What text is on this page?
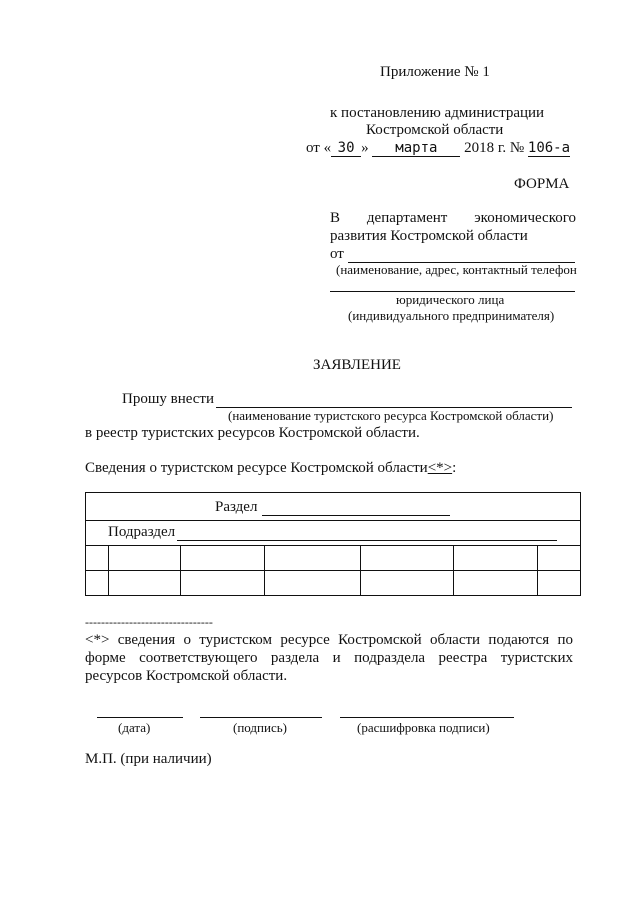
Приложение № 1
к постановлению администрации
Костромской области
от « 30 » марта 2018 г. № 106-а
ФОРМА
В департамент экономического
развития Костромской области
от
(наименование, адрес, контактный телефон
юридического лица
(индивидуального предпринимателя)
ЗАЯВЛЕНИЕ
Прошу внести
(наименование туристского ресурса Костромской области)
в реестр туристских ресурсов Костромской области.
Сведения о туристском ресурсе Костромской области<*>:
Раздел
Подраздел
--------------------------------
<*> сведения о туристском ресурсе Костромской области подаются по
форме соответствующего раздела и подраздела реестра туристских
ресурсов Костромской области.
(дата)	(подпись)	(расшифровка подписи)
М.П. (при наличии)
